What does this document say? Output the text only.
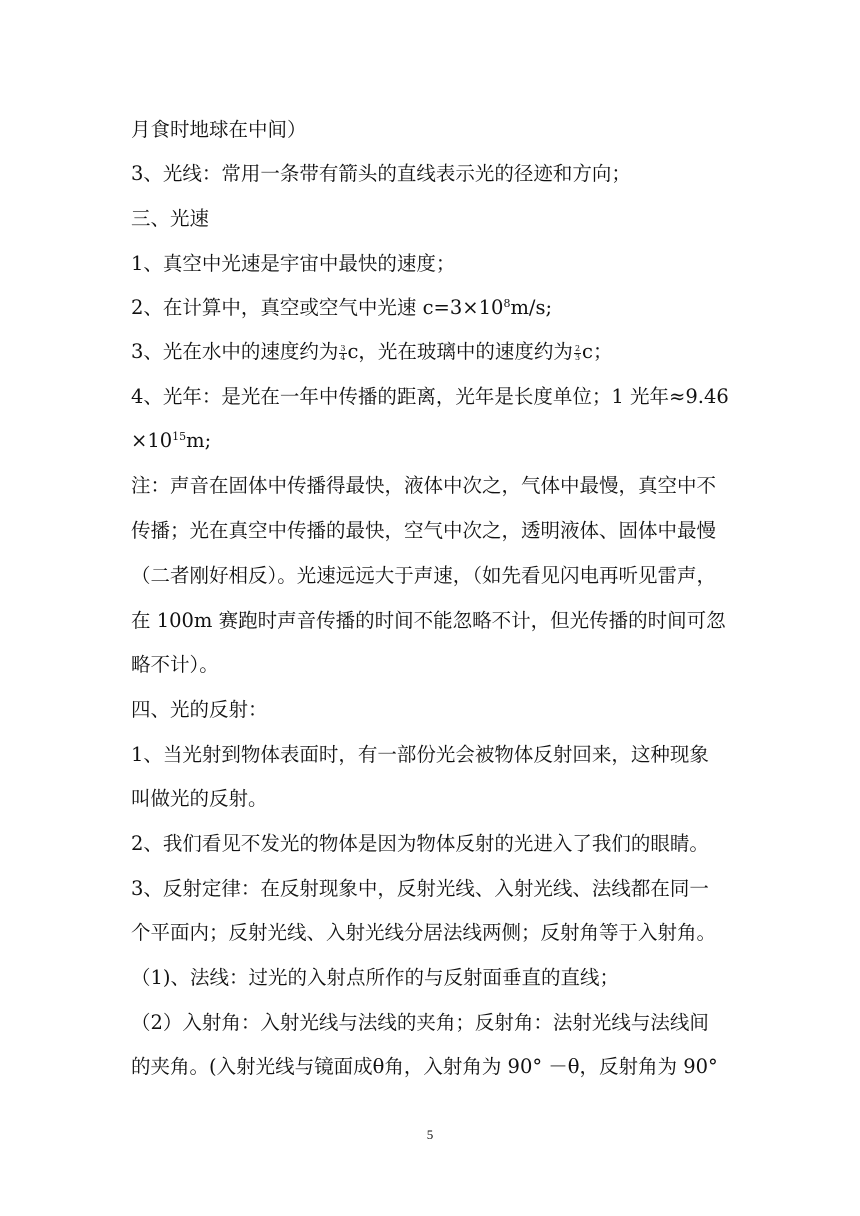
月食时地球在中间）
3、光线：常用一条带有箭头的直线表示光的径迹和方向；
三、光速
1、真空中光速是宇宙中最快的速度；
2、在计算中，真空或空气中光速 $c=3\times 10^8m/s$;
3、光在水中的速度约为 $\frac{3}{4}$ c，光在玻璃中的速度约为 $\frac{2}{3}$ c；
4、光年：是光在一年中传播的距离，光年是长度单位；1 光年≈9.46
$\times 10^{15}m$;
注：声音在固体中传播得最快，液体中次之，气体中最慢，真空中不
传播；光在真空中传播的最快，空气中次之，透明液体、固体中最慢
（二者刚好相反）。光速远远大于声速，（如先看见闪电再听见雷声，
在 100m 赛跑时声音传播的时间不能忽略不计，但光传播的时间可忽
略不计）。
四、光的反射：
1、当光射到物体表面时，有一部份光会被物体反射回来，这种现象
叫做光的反射。
2、我们看见不发光的物体是因为物体反射的光进入了我们的眼睛。
3、反射定律：在反射现象中，反射光线、入射光线、法线都在同一
个平面内；反射光线、入射光线分居法线两侧；反射角等于入射角。
（1)、法线：过光的入射点所作的与反射面垂直的直线；
（2）入射角：入射光线与法线的夹角；反射角：法射光线与法线间
的夹角。(入射光线与镜面成θ角，入射角为 90° －θ，反射角为 90°
5
